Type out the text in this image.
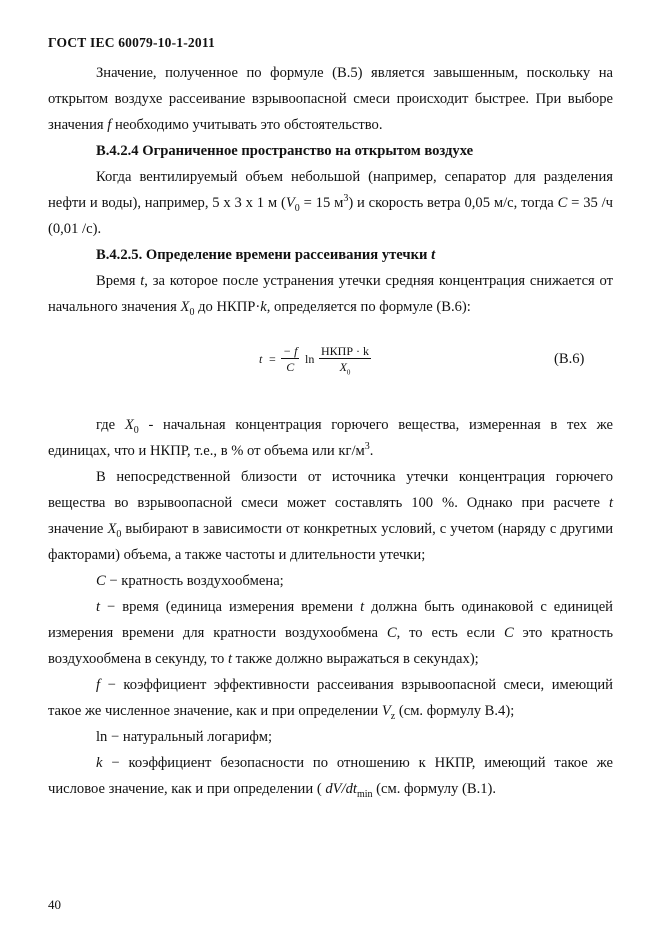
ГОСТ IEC 60079-10-1-2011

Значение, полученное по формуле (В.5) является завышенным, поскольку на открытом воздухе рассеивание взрывоопасной смеси происходит быстрее. При выборе значения f необходимо учитывать это обстоятельство.

В.4.2.4 Ограниченное пространство на открытом воздухе

Когда вентилируемый объем небольшой (например, сепаратор для разделения нефти и воды), например, 5 х 3 х 1 м ($V_0 = 15$ $м^3$) и скорость ветра 0,05 м/с, тогда C = 35 /ч (0,01 /с).

В.4.2.5. Определение времени рассеивания утечки t

Время t, за которое после устранения утечки средняя концентрация снижается от начального значения $X_0$ до НКПР·k, определяется по формуле (В.6):

$t = \frac{- f}{C}$ ln
НКПР · k
$X_0$
(В.6)

где $X_0$ - начальная концентрация горючего вещества, измеренная в тех же единицах, что и НКПР, т.е., в % от объема или $кг/м^3$.

В непосредственной близости от источника утечки концентрация горючего вещества во взрывоопасной смеси может составлять 100 %. Однако при расчете t значение $X_0$ выбирают в зависимости от конкретных условий, с учетом (наряду с другими факторами) объема, а также частоты и длительности утечки;

C − кратность воздухообмена;

t − время (единица измерения времени t должна быть одинаковой с единицей измерения времени для кратности воздухообмена C, то есть если C это кратность воздухообмена в секунду, то t также должно выражаться в секундах);

f − коэффициент эффективности рассеивания взрывоопасной смеси, имеющий такое же численное значение, как и при определении $V_z$ (см. формулу В.4);

ln − натуральный логарифм;

k − коэффициент безопасности по отношению к НКПР, имеющий такое же числовое значение, как и при определении ( $dV/dt_{min}$ (см. формулу (В.1).

40
